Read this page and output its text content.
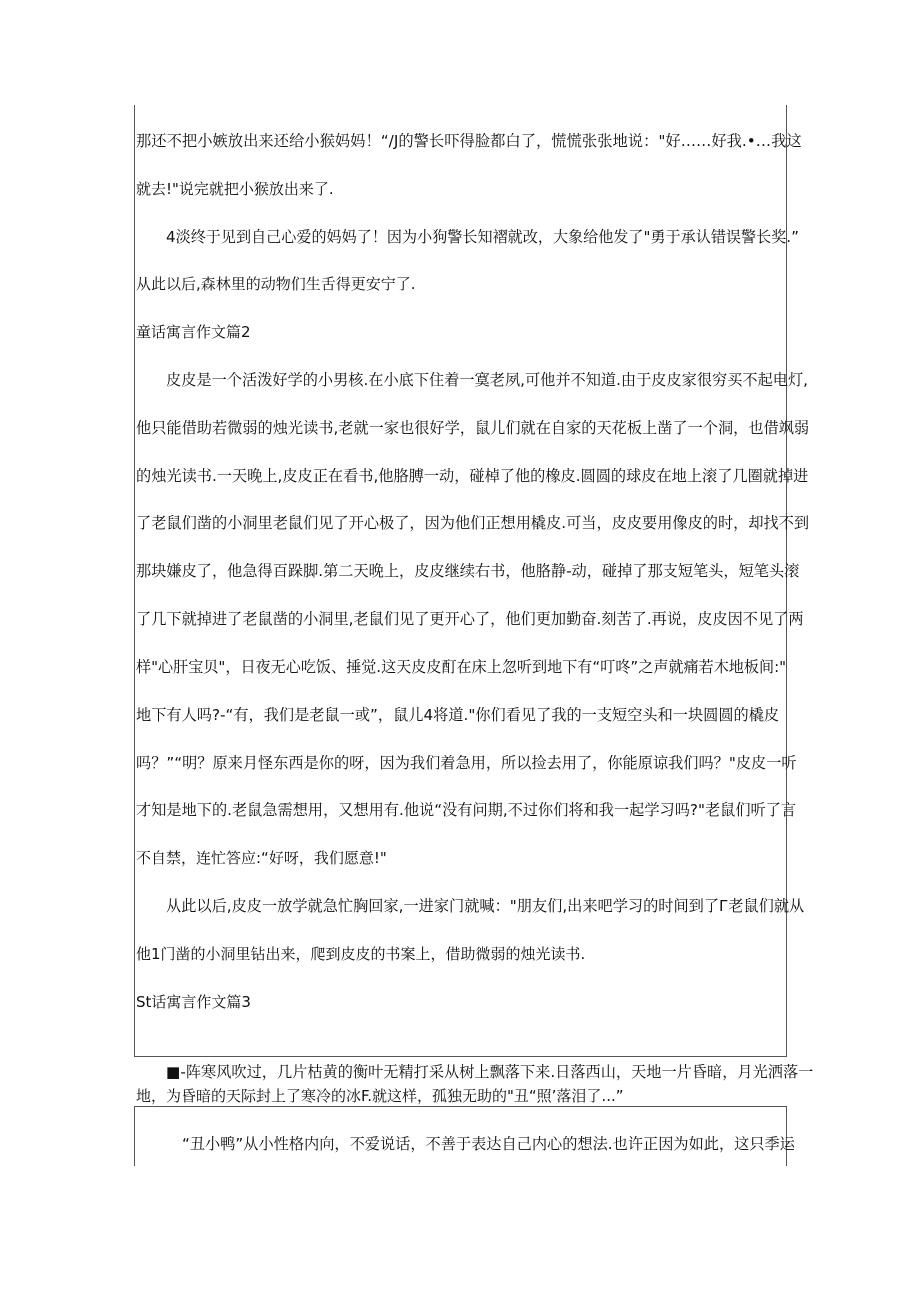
那还不把小嫉放出来还给小猴妈妈！“/J的警长吓得脸都白了，慌慌张张地说："好……好我.•…我这
就去!"说完就把小猴放出来了.
4淡终于见到自己心爱的妈妈了！因为小狗警长知褶就改，大象给他发了"勇于承认错误警长奖.”
从此以后,森林里的动物们生舌得更安宁了.
童话寓言作文篇2
皮皮是一个活泼好学的小男核.在小底下住着一寞老夙,可他并不知道.由于皮皮家很穷买不起电灯,
他只能借助若微弱的烛光读书,老就一家也很好学，鼠儿们就在自家的天花板上凿了一个洞，也借飒弱
的烛光读书.一天晚上,皮皮正在看书,他胳膊一动，碰棹了他的橡皮.圆圆的球皮在地上滚了几圈就掉进
了老鼠们凿的小洞里老鼠们见了开心极了，因为他们正想用橇皮.可当，皮皮要用像皮的时，却找不到
那块嫌皮了，他急得百跺脚.第二天晚上，皮皮继续右书，他胳静-动，碰掉了那支短笔头，短笔头滚
了几下就掉进了老鼠凿的小洞里,老鼠们见了更开心了，他们更加勤奋.刻苦了.再说，皮皮因不见了两
样"心肝宝贝"，日夜无心吃饭、捶觉.这天皮皮酊在床上忽听到地下有“叮咚”之声就痛若木地板间:"
地下有人吗?-“有，我们是老鼠一或”，鼠儿4将道."你们看见了我的一支短空头和一块圆圆的橇皮
吗？”“明？原来月怪东西是你的呀，因为我们着急用，所以捡去用了，你能原谅我们吗？"皮皮一听
才知是地下的.老鼠急需想用，又想用有.他说“没有问期,不过你们将和我一起学习吗?"老鼠们听了言
不自禁，连忙答应:“好呀，我们愿意!"
从此以后,皮皮一放学就急忙胸回家,一进家门就喊："朋友们,出来吧学习的时间到了Г老鼠们就从
他1门凿的小洞里钻出来，爬到皮皮的书案上，借助微弱的烛光读书.
St话寓言作文篇3
■-阵寒风吹过，几片枯黄的衡叶无精打采从树上飘落下来.日落西山，天地一片昏暗，月光洒落一
地，为昏暗的天际封上了寒冷的冰F.就这样，孤独无助的"丑“照’落泪了...”
“丑小鸭”从小性格内向，不爱说话，不善于表达自己内心的想法.也许正因为如此，这只季运
